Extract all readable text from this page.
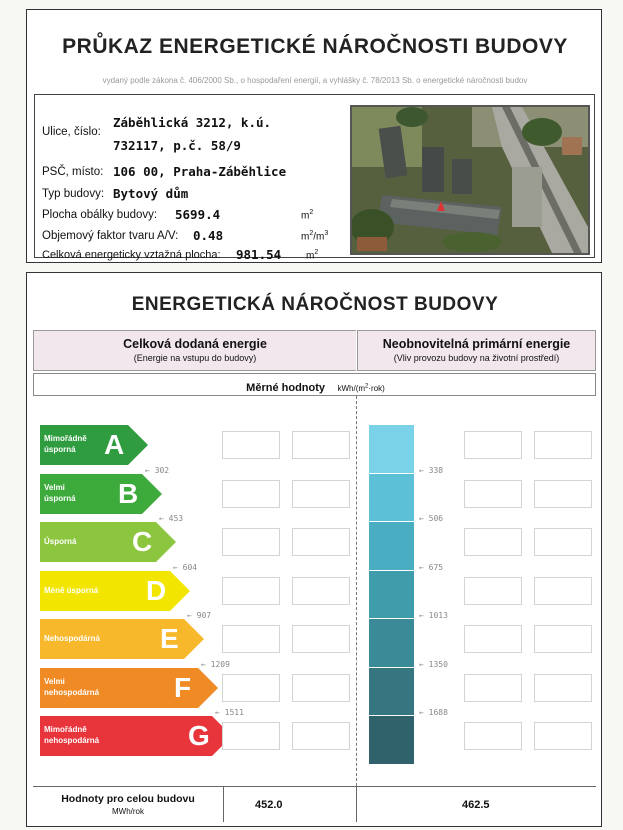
PRŮKAZ ENERGETICKÉ NÁROČNOSTI BUDOVY
vydaný podle zákona č. 406/2000 Sb., o hospodaření energií, a vyhlášky č. 78/2013 Sb. o energetické náročnosti budov
Ulice, číslo:
Záběhlická 3212, k.ú.
732117, p.č. 58/9
PSČ, místo: 106 00, Praha-Záběhlice
Typ budovy: Bytový dům
Plocha obálky budovy: 5699.4	$m^2$
Objemový faktor tvaru A/V: 0.48	$m^2/m^3$
Celková energeticky vztažná plocha: 981.54 $m^2$
ENERGETICKÁ NÁROČNOST BUDOVY
Celková dodaná energie
(Energie na vstupu do budovy)
Neobnovitelná primární energie
(Vliv provozu budovy na životní prostředí)
Měrné hodnoty kWh/$(m^2\cdot rok)$
Hodnoty pro celou budovu
MWh/rok
452.0	462.5
Mimořádně
úsporná A
Velmi
úsporná B
Úsporná C
Méně úsporná D
Nehospodárná E
Velmi
nehospodárná	F
Mimořádně
nehospodárná	G
← 302
← 453
← 604
← 907
← 1209
← 1511
← 338
← 506
← 675
← 1013
← 1350
← 1688
